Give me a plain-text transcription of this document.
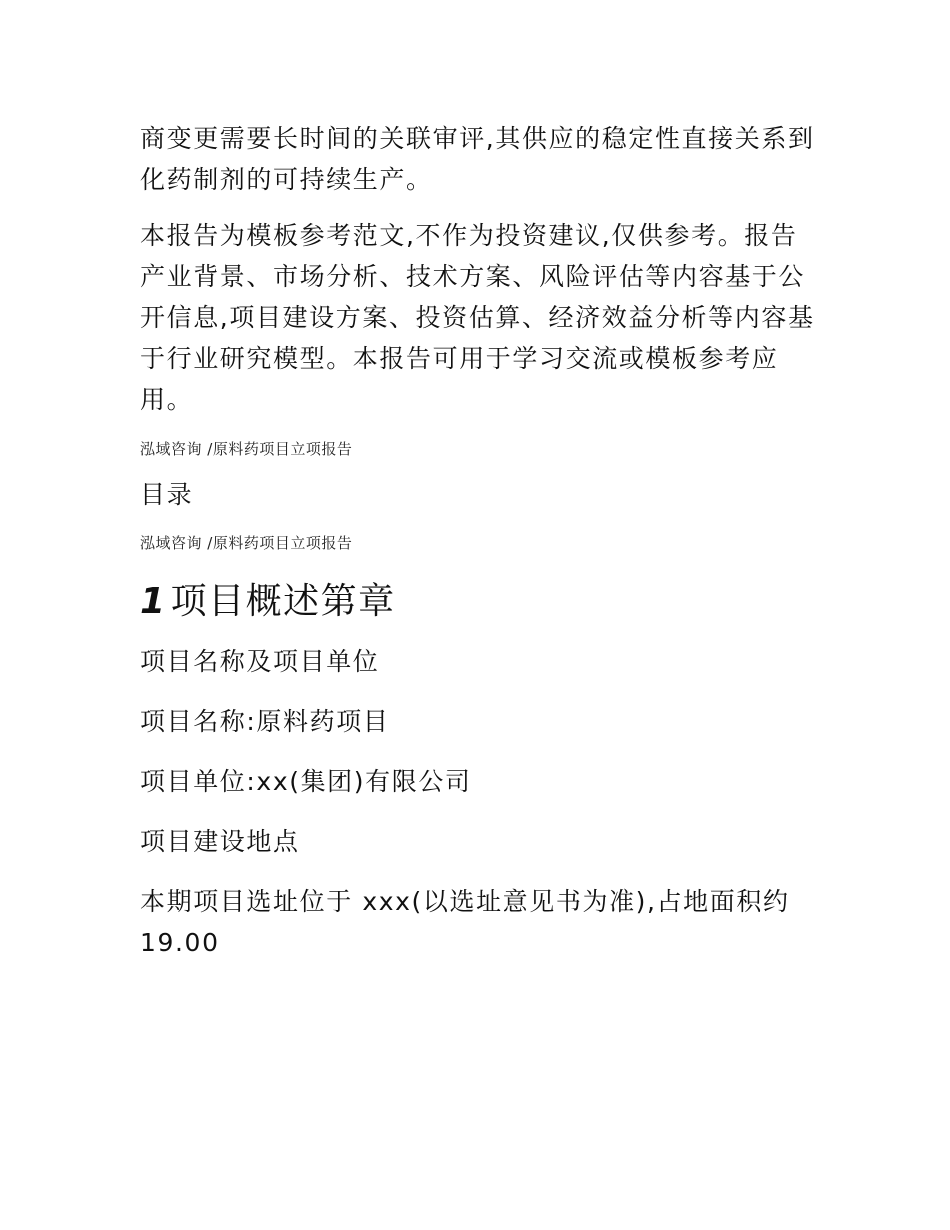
商变更需要长时间的关联审评,其供应的稳定性直接关系到化药制剂的可持续生产。

本报告为模板参考范文,不作为投资建议,仅供参考。报告产业背景、市场分析、技术方案、风险评估等内容基于公开信息,项目建设方案、投资估算、经济效益分析等内容基于行业研究模型。本报告可用于学习交流或模板参考应用。

泓域咨询 /原料药项目立项报告

目录

泓域咨询 /原料药项目立项报告

1 项目概述第章

项目名称及项目单位

项目名称:原料药项目

项目单位:xx(集团)有限公司

项目建设地点

本期项目选址位于 xxx(以选址意见书为准),占地面积约 19.00
